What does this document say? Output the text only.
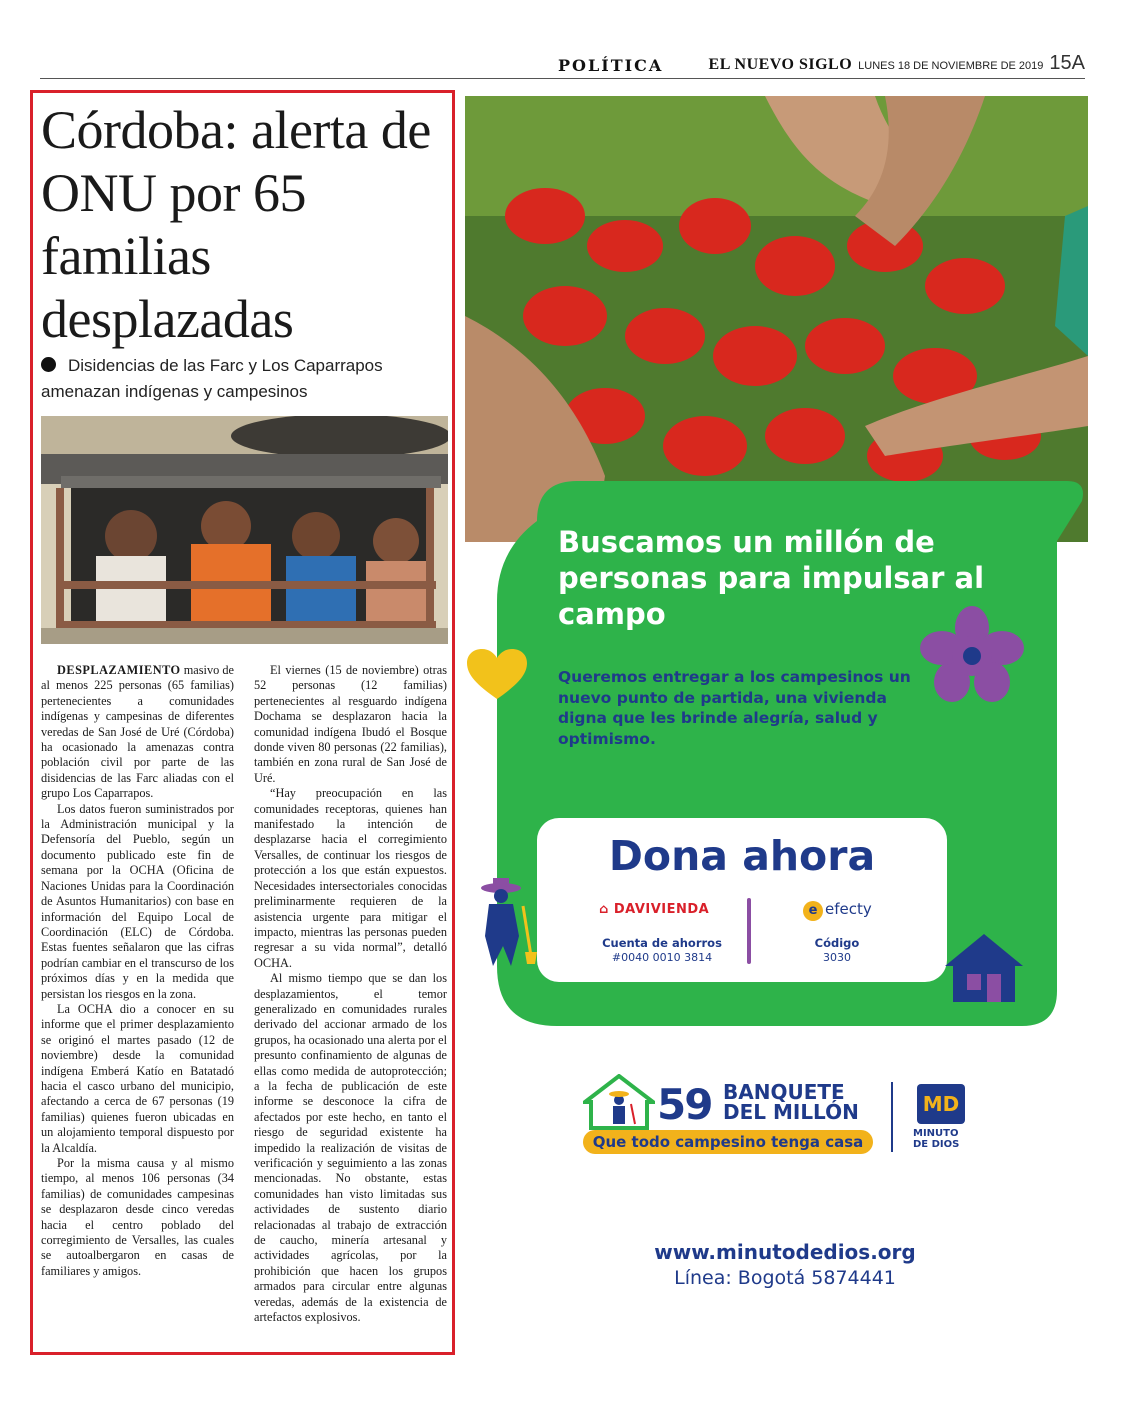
POLÍTICA	EL NUEVO SIGLO LUNES 18 DE NOVIEMBRE DE 2019 15A
Córdoba: alerta de ONU por 65 familias desplazadas
Disidencias de las Farc y Los Caparrapos amenazan indígenas y campesinos

DESPLAZAMIENTO masivo de al menos 225 personas (65 familias) pertenecientes a comunidades indígenas y campesinas de diferentes veredas de San José de Uré (Córdoba) ha ocasionado la amenazas contra población civil por parte de las disidencias de las Farc aliadas con el grupo Los Caparrapos.

Los datos fueron suministrados por la Administración municipal y la Defensoría del Pueblo, según un documento publicado este fin de semana por la OCHA (Oficina de Naciones Unidas para la Coordinación de Asuntos Humanitarios) con base en información del Equipo Local de Coordinación (ELC) de Córdoba. Estas fuentes señalaron que las cifras podrían cambiar en el transcurso de los próximos días y en la medida que persistan los riesgos en la zona.

La OCHA dio a conocer en su informe que el primer desplazamiento se originó el martes pasado (12 de noviembre) desde la comunidad indígena Emberá Katío en Batatadó hacia el casco urbano del municipio, afectando a cerca de 67 personas (19 familias) quienes fueron ubicadas en un alojamiento temporal dispuesto por la Alcaldía.

Por la misma causa y al mismo tiempo, al menos 106 personas (34 familias) de comunidades campesinas se desplazaron desde cinco veredas hacia el centro poblado del corregimiento de Versalles, las cuales se autoalbergaron en casas de familiares y amigos.

El viernes (15 de noviembre) otras 52 personas (12 familias) pertenecientes al resguardo indígena Dochama se desplazaron hacia la comunidad indígena Ibudó el Bosque donde viven 80 personas (22 familias), también en zona rural de San José de Uré.

“Hay preocupación en las comunidades receptoras, quienes han manifestado la intención de desplazarse hacia el corregimiento Versalles, de continuar los riesgos de protección a los que están expuestos. Necesidades intersectoriales conocidas preliminarmente requieren de la asistencia urgente para mitigar el impacto, mientras las personas pueden regresar a su vida normal”, detalló OCHA.

Al mismo tiempo que se dan los desplazamientos, el temor generalizado en comunidades rurales derivado del accionar armado de los grupos, ha ocasionado una alerta por el presunto confinamiento de algunas de ellas como medida de autoprotección; a la fecha de publicación de este informe se desconoce la cifra de afectados por este hecho, en tanto el riesgo de seguridad existente ha impedido la realización de visitas de verificación y seguimiento a las zonas mencionadas. No obstante, estas comunidades han visto limitadas sus actividades de sustento diario relacionadas al trabajo de extracción de caucho, minería artesanal y actividades agrícolas, por la prohibición que hacen los grupos armados para circular entre algunas veredas, además de la existencia de artefactos explosivos.

Buscamos un millón de personas para impulsar al campo
Queremos entregar a los campesinos un nuevo punto de partida, una vivienda digna que les brinde alegría, salud y optimismo.
Dona ahora
⌂ DAVIVIENDA	e efecty
Cuenta de ahorros
#0040 0010 3814
Código
3030
59 BANQUETE
DEL MILLÓN
Que todo campesino tenga casa
MD
MINUTO DE DIOS
www.minutodedios.org
Línea: Bogotá 5874441
